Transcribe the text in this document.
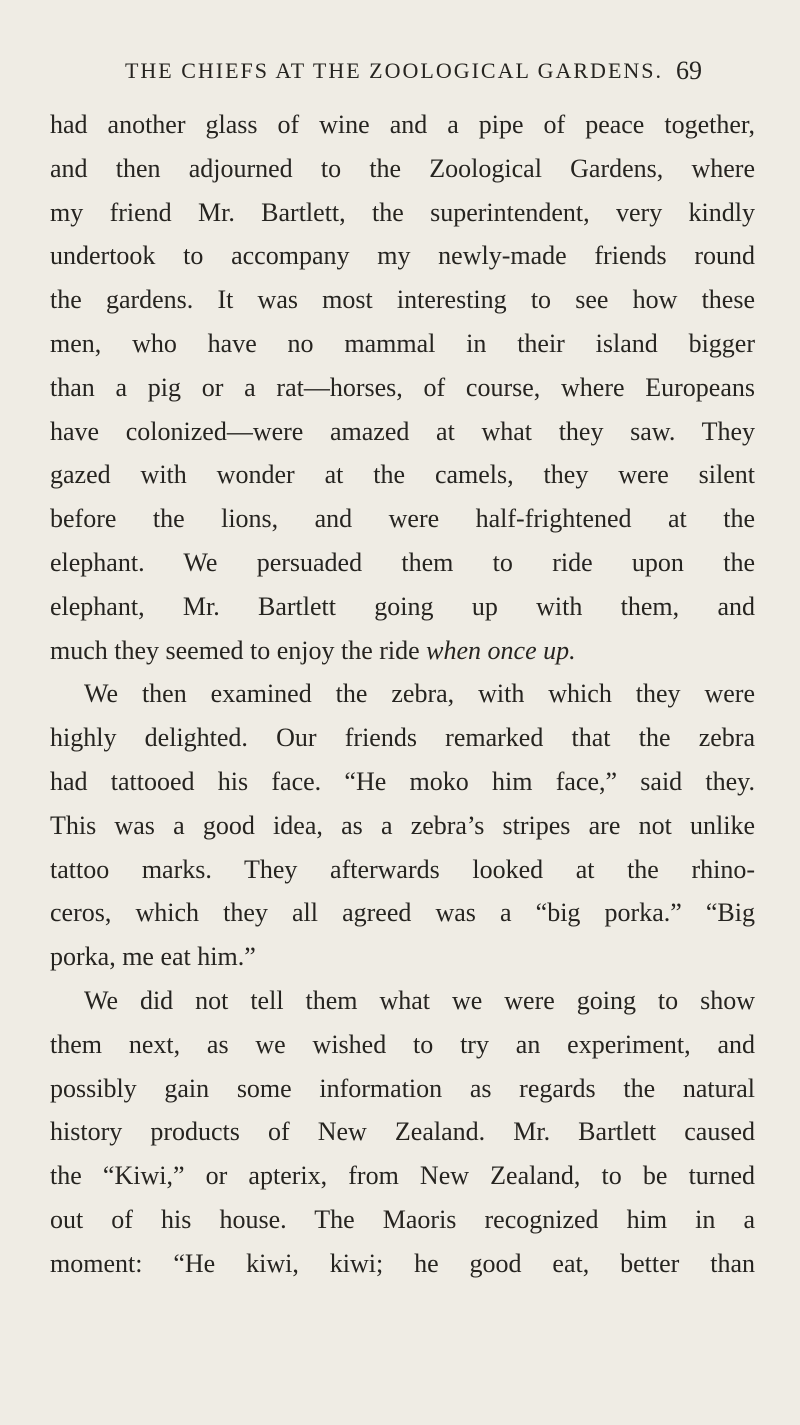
THE CHIEFS AT THE ZOOLOGICAL GARDENS. 69
had another glass of wine and a pipe of peace together,
and then adjourned to the Zoological Gardens, where
my friend Mr. Bartlett, the superintendent, very kindly
undertook to accompany my newly-made friends round
the gardens. It was most interesting to see how these
men, who have no mammal in their island bigger
than a pig or a rat—horses, of course, where Europeans
have colonized—were amazed at what they saw. They
gazed with wonder at the camels, they were silent
before the lions, and were half-frightened at the
elephant. We persuaded them to ride upon the
elephant, Mr. Bartlett going up with them, and
much they seemed to enjoy the ride when once up.
We then examined the zebra, with which they were
highly delighted. Our friends remarked that the zebra
had tattooed his face. “He moko him face,” said they.
This was a good idea, as a zebra’s stripes are not unlike
tattoo marks. They afterwards looked at the rhino-
ceros, which they all agreed was a “big porka.” “Big
porka, me eat him.”
We did not tell them what we were going to show
them next, as we wished to try an experiment, and
possibly gain some information as regards the natural
history products of New Zealand. Mr. Bartlett caused
the “Kiwi,” or apterix, from New Zealand, to be turned
out of his house. The Maoris recognized him in a
moment: “He kiwi, kiwi; he good eat, better than
